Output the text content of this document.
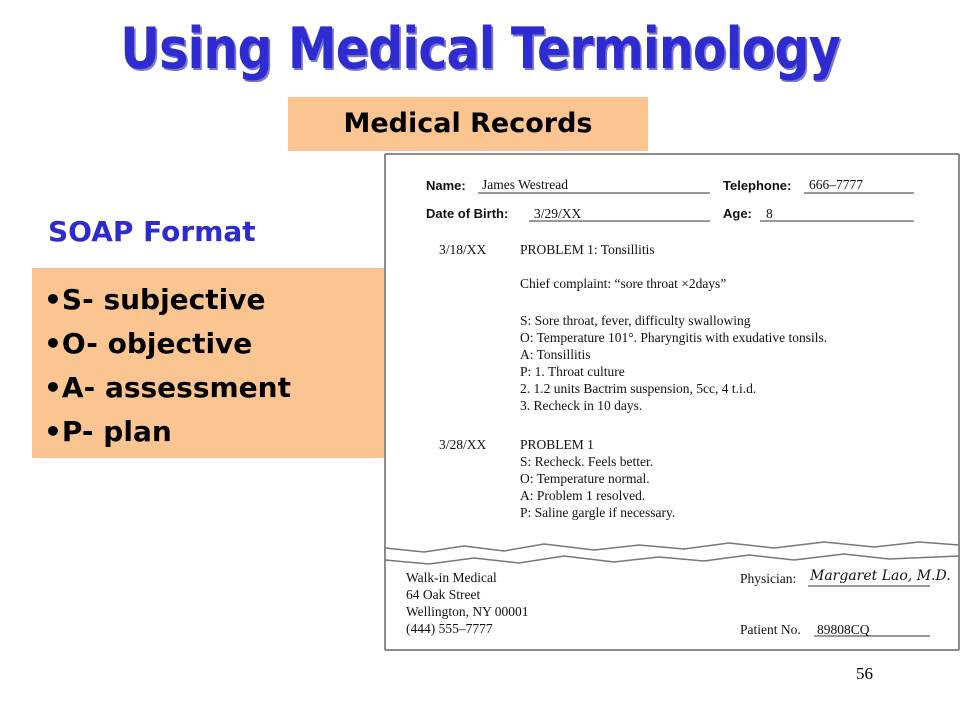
Using Medical Terminology
Medical Records
SOAP Format
•S- subjective
•O- objective
•A- assessment
•P- plan
Name: James Westread	Telephone: 666–7777
Date of Birth: 3/29/XX	Age: 8
3/18/XX	PROBLEM 1: Tonsillitis
Chief complaint: “sore throat ×2days”
S: Sore throat, fever, difficulty swallowing
O: Temperature 101°. Pharyngitis with exudative tonsils.
A: Tonsillitis
P: 1. Throat culture
2. 1.2 units Bactrim suspension, 5cc, 4 t.i.d.
3. Recheck in 10 days.
3/28/XX	PROBLEM 1
S: Recheck. Feels better.
O: Temperature normal.
A: Problem 1 resolved.
P: Saline gargle if necessary.
Walk-in Medical
64 Oak Street
Wellington, NY 00001
(444) 555–7777
Physician: Margaret Lao, M.D.
Patient No. 89808CQ
56
